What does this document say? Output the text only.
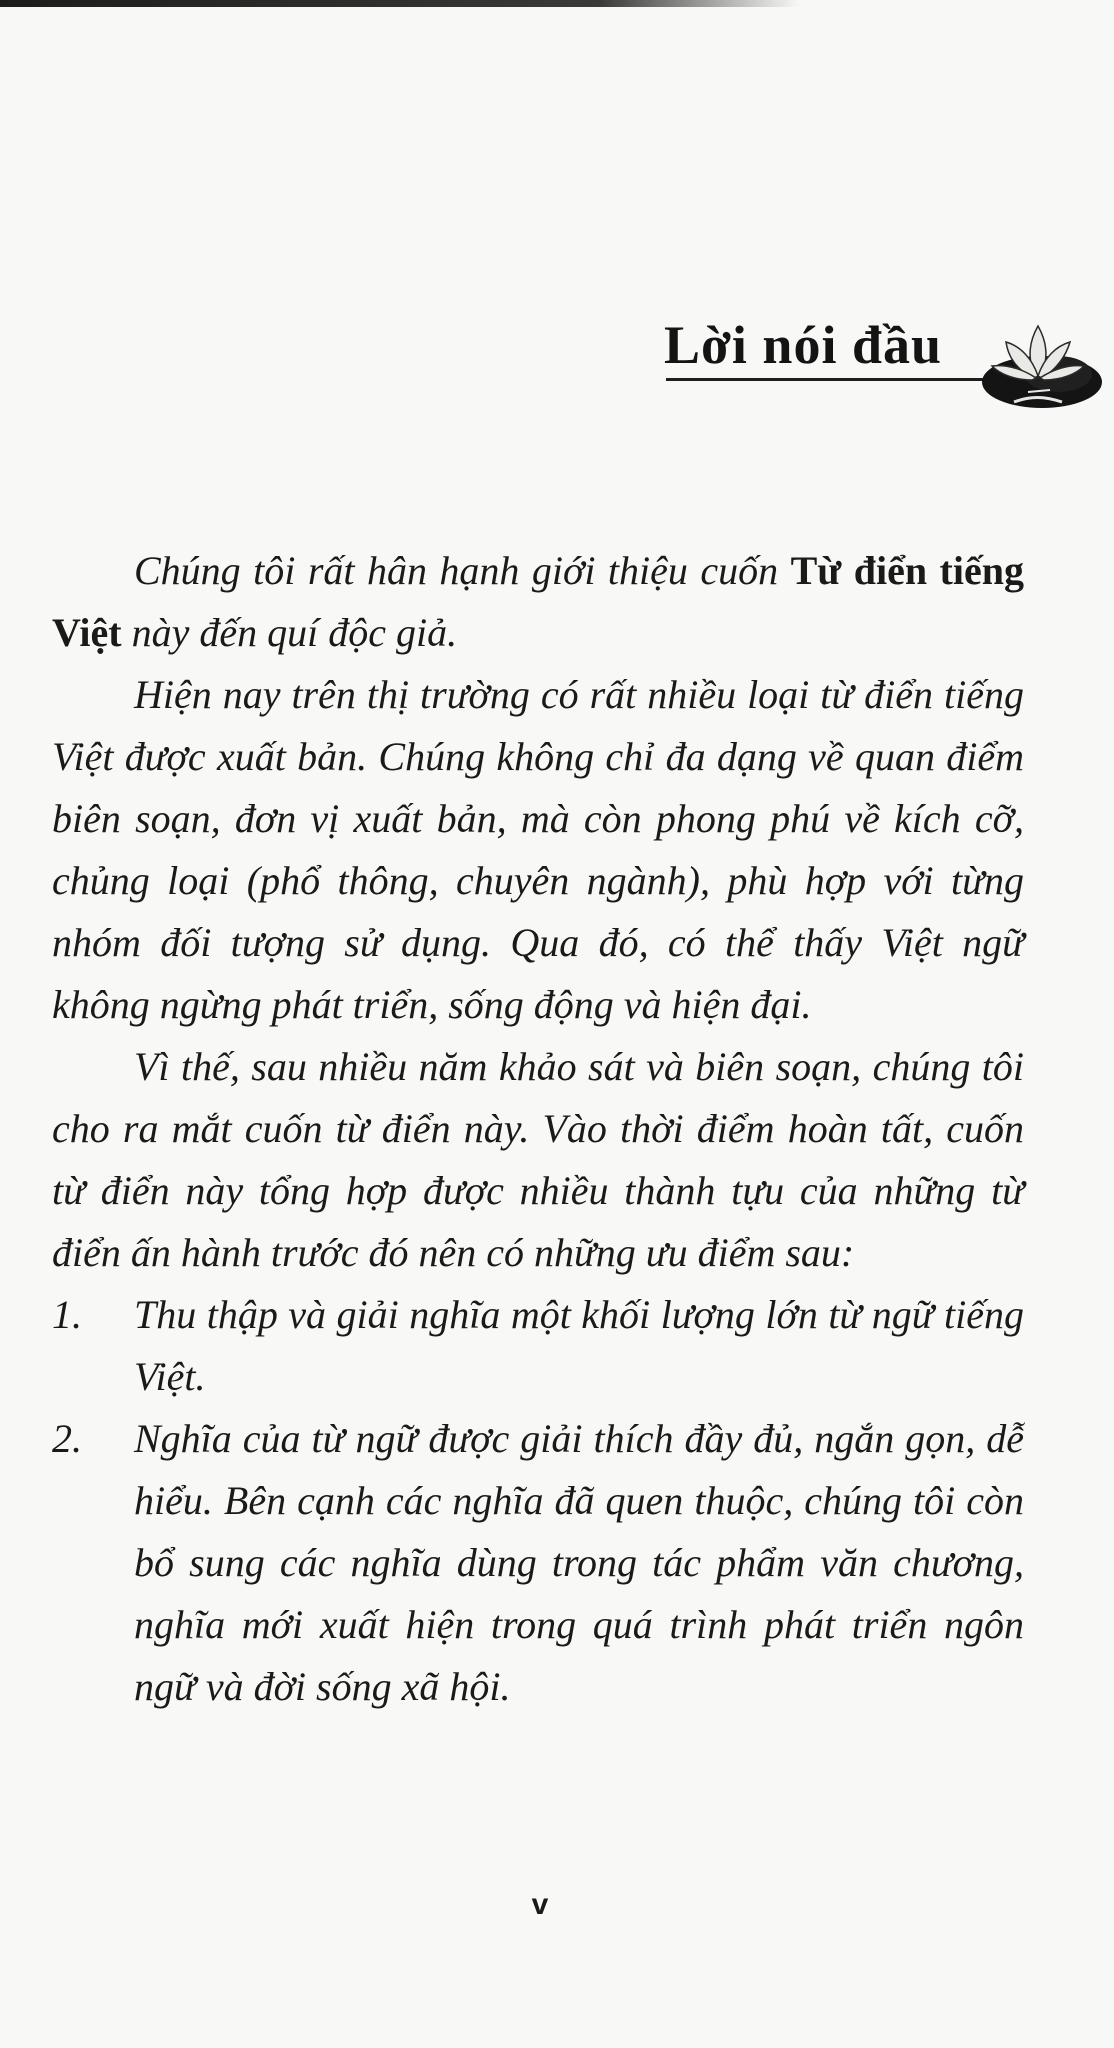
Lời nói đầu

Chúng tôi rất hân hạnh giới thiệu cuốn Từ điển tiếng Việt này đến quí độc giả.

Hiện nay trên thị trường có rất nhiều loại từ điển tiếng Việt được xuất bản. Chúng không chỉ đa dạng về quan điểm biên soạn, đơn vị xuất bản, mà còn phong phú về kích cỡ, chủng loại (phổ thông, chuyên ngành), phù hợp với từng nhóm đối tượng sử dụng. Qua đó, có thể thấy Việt ngữ không ngừng phát triển, sống động và hiện đại.

Vì thế, sau nhiều năm khảo sát và biên soạn, chúng tôi cho ra mắt cuốn từ điển này. Vào thời điểm hoàn tất, cuốn từ điển này tổng hợp được nhiều thành tựu của những từ điển ấn hành trước đó nên có những ưu điểm sau:

1. Thu thập và giải nghĩa một khối lượng lớn từ ngữ tiếng Việt.
2. Nghĩa của từ ngữ được giải thích đầy đủ, ngắn gọn, dễ hiểu. Bên cạnh các nghĩa đã quen thuộc, chúng tôi còn bổ sung các nghĩa dùng trong tác phẩm văn chương, nghĩa mới xuất hiện trong quá trình phát triển ngôn ngữ và đời sống xã hội.
v
